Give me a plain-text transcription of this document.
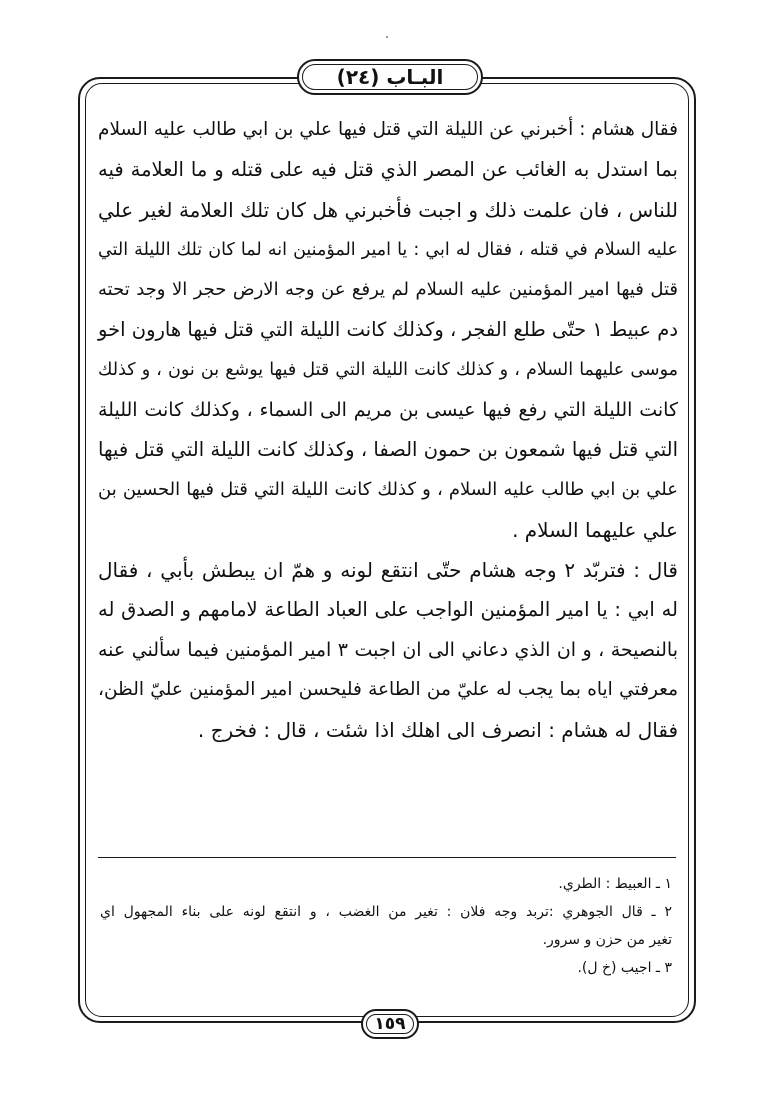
البـاب (٢٤)
فقال هشام : أخبرني عن الليلة التي قتل فيها علي بن ابي طالب عليه السلام
بما استدل به الغائب عن المصر الذي قتل فيه على قتله و ما العلامة فيه
للناس ، فان علمت ذلك و اجبت فأخبرني هل كان تلك العلامة لغير علي
عليه السلام في قتله ، فقال له ابي : يا امير المؤمنين انه لما كان تلك الليلة التي
قتل فيها امير المؤمنين عليه السلام لم يرفع عن وجه الارض حجر الا وجد تحته
دم عبيط ١ حتّى طلع الفجر ، وكذلك كانت الليلة التي قتل فيها هارون اخو
موسى عليهما السلام ، و كذلك كانت الليلة التي قتل فيها يوشع بن نون ، و كذلك
كانت الليلة التي رفع فيها عيسى بن مريم الى السماء ، وكذلك كانت الليلة
التي قتل فيها شمعون بن حمون الصفا ، وكذلك كانت الليلة التي قتل فيها
علي بن ابي طالب عليه السلام ، و كذلك كانت الليلة التي قتل فيها الحسين بن
علي عليهما السلام .
قال : فتربّد ٢ وجه هشام حتّى انتقع لونه و همّ ان يبطش بأبي ، فقال
له ابي : يا امير المؤمنين الواجب على العباد الطاعة لامامهم و الصدق له
بالنصيحة ، و ان الذي دعاني الى ان اجبت ٣ امير المؤمنين فيما سألني عنه
معرفتي اياه بما يجب له عليّ من الطاعة فليحسن امير المؤمنين عليّ الظن،
فقال له هشام : انصرف الى اهلك اذا شئت ، قال : فخرج .
١ ـ العبيط : الطري.
٢ ـ قال الجوهري :تربد وجه فلان : تغير من الغضب ، و انتقع لونه على بناء المجهول اي
تغير من حزن و سرور.
٣ ـ اجيب (خ ل).
١٥٩
